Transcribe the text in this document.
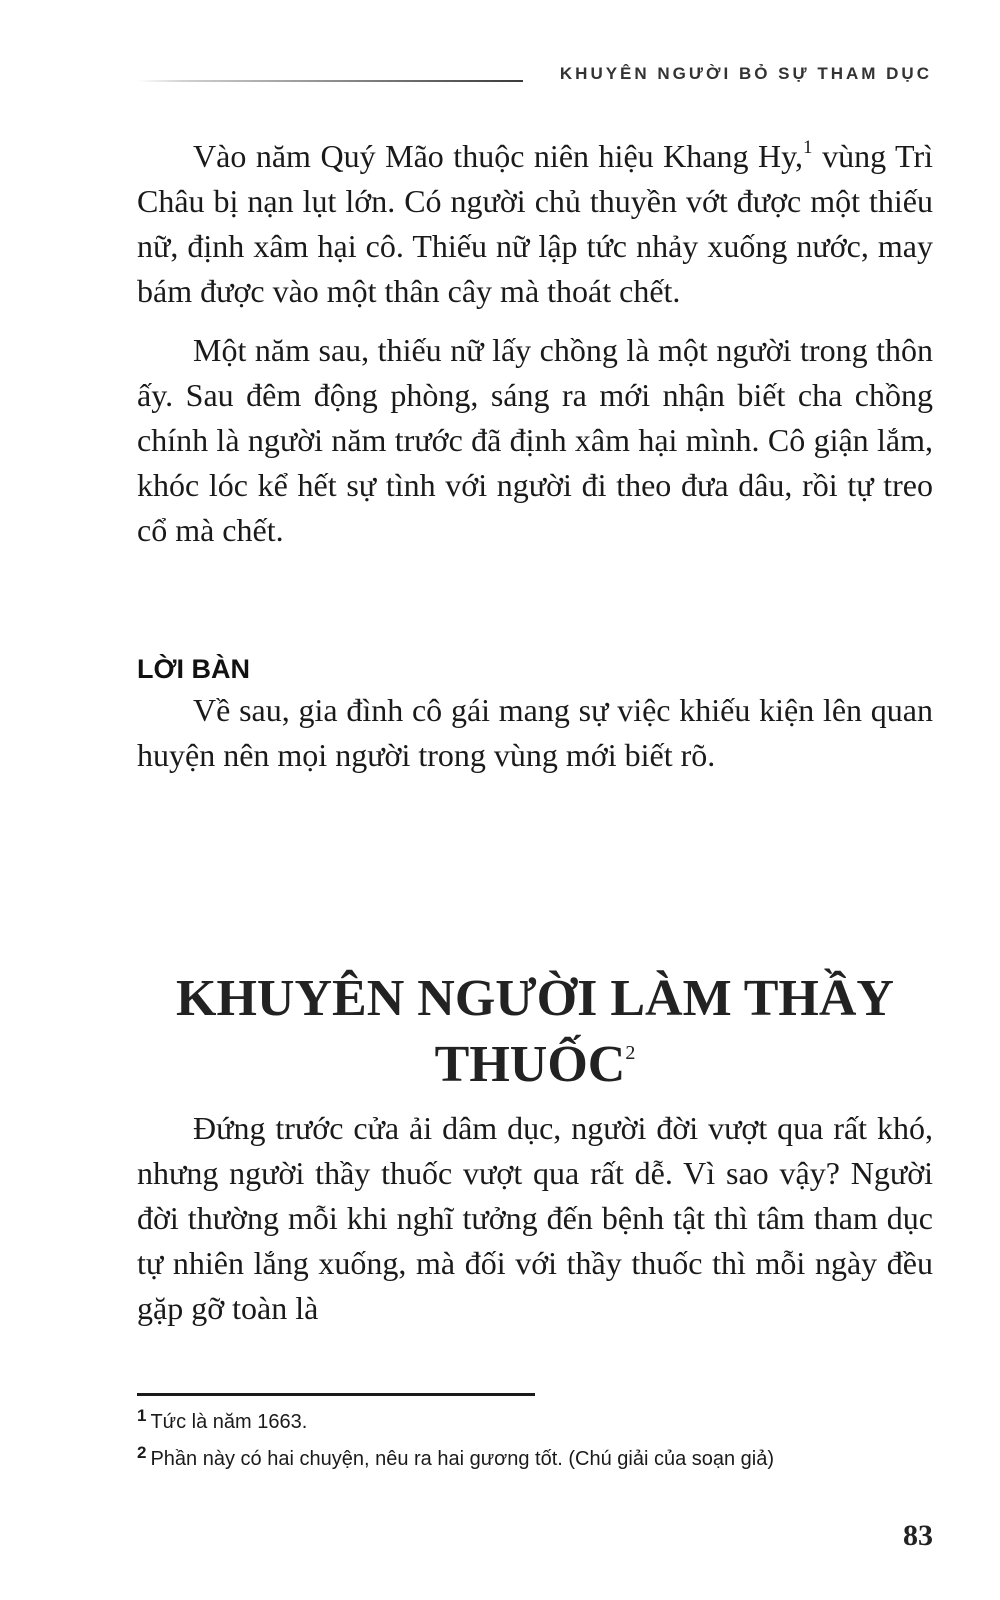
KHUYÊN NGƯỜI BỎ SỰ THAM DỤC

Vào năm Quý Mão thuộc niên hiệu Khang Hy,$^1$ vùng Trì Châu bị nạn lụt lớn. Có người chủ thuyền vớt được một thiếu nữ, định xâm hại cô. Thiếu nữ lập tức nhảy xuống nước, may bám được vào một thân cây mà thoát chết.

Một năm sau, thiếu nữ lấy chồng là một người trong thôn ấy. Sau đêm động phòng, sáng ra mới nhận biết cha chồng chính là người năm trước đã định xâm hại mình. Cô giận lắm, khóc lóc kể hết sự tình với người đi theo đưa dâu, rồi tự treo cổ mà chết.

LỜI BÀN

Về sau, gia đình cô gái mang sự việc khiếu kiện lên quan huyện nên mọi người trong vùng mới biết rõ.

KHUYÊN NGƯỜI LÀM THẦY
THUỐC$^2$

Đứng trước cửa ải dâm dục, người đời vượt qua rất khó, nhưng người thầy thuốc vượt qua rất dễ. Vì sao vậy? Người đời thường mỗi khi nghĩ tưởng đến bệnh tật thì tâm tham dục tự nhiên lắng xuống, mà đối với thầy thuốc thì mỗi ngày đều gặp gỡ toàn là

$^1$ Tức là năm 1663.

$^2$ Phần này có hai chuyện, nêu ra hai gương tốt. (Chú giải của soạn giả)

83
